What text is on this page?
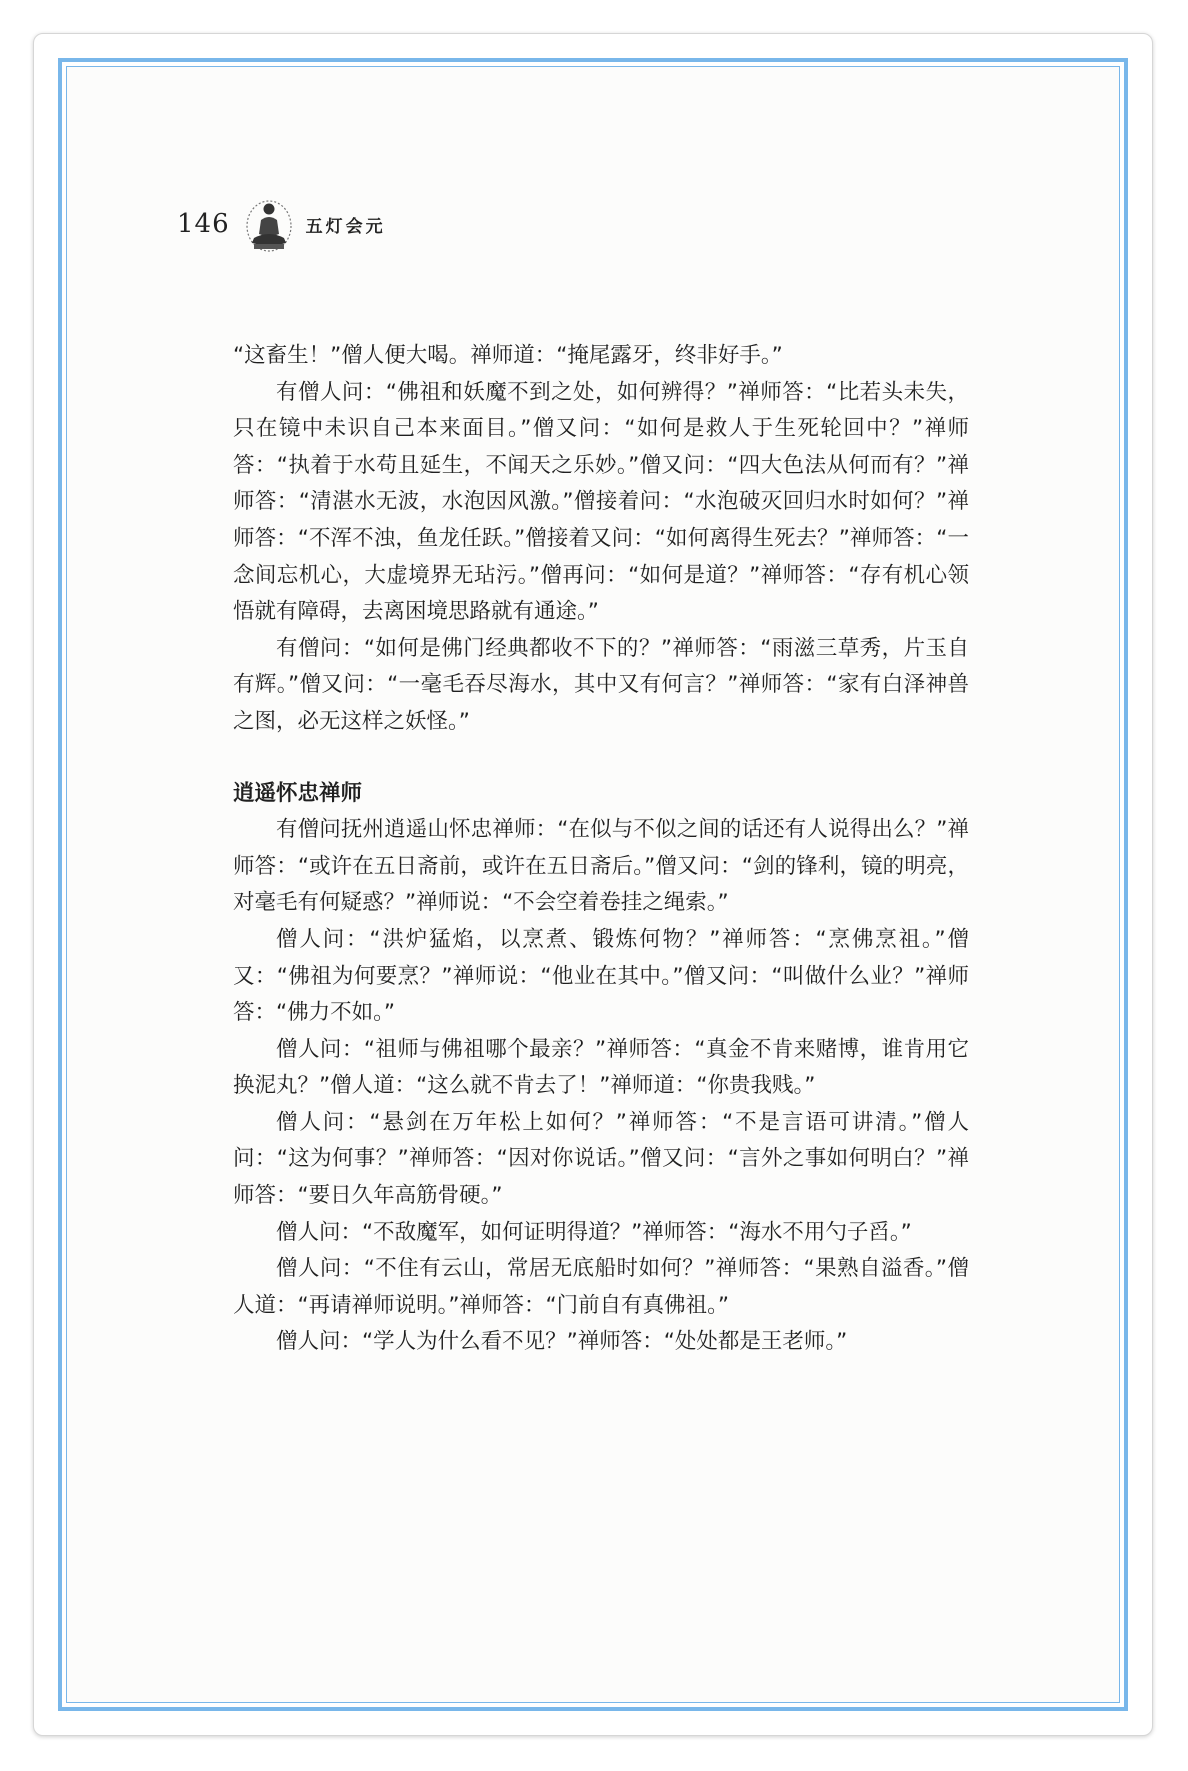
146	五灯会元

“这畜生！”僧人便大喝。禅师道：“掩尾露牙，终非好手。”

有僧人问：“佛祖和妖魔不到之处，如何辨得？”禅师答：“比若头未失，只在镜中未识自己本来面目。”僧又问：“如何是救人于生死轮回中？”禅师答：“执着于水苟且延生，不闻天之乐妙。”僧又问：“四大色法从何而有？”禅师答：“清湛水无波，水泡因风激。”僧接着问：“水泡破灭回归水时如何？”禅师答：“不浑不浊，鱼龙任跃。”僧接着又问：“如何离得生死去？”禅师答：“一念间忘机心，大虚境界无玷污。”僧再问：“如何是道？”禅师答：“存有机心领悟就有障碍，去离困境思路就有通途。”

有僧问：“如何是佛门经典都收不下的？”禅师答：“雨滋三草秀，片玉自有辉。”僧又问：“一毫毛吞尽海水，其中又有何言？”禅师答：“家有白泽神兽之图，必无这样之妖怪。”

逍遥怀忠禅师

有僧问抚州逍遥山怀忠禅师：“在似与不似之间的话还有人说得出么？”禅师答：“或许在五日斋前，或许在五日斋后。”僧又问：“剑的锋利，镜的明亮，对毫毛有何疑惑？”禅师说：“不会空着卷挂之绳索。”

僧人问：“洪炉猛焰，以烹煮、锻炼何物？”禅师答：“烹佛烹祖。”僧又：“佛祖为何要烹？”禅师说：“他业在其中。”僧又问：“叫做什么业？”禅师答：“佛力不如。”

僧人问：“祖师与佛祖哪个最亲？”禅师答：“真金不肯来赌博，谁肯用它换泥丸？”僧人道：“这么就不肯去了！”禅师道：“你贵我贱。”

僧人问：“悬剑在万年松上如何？”禅师答：“不是言语可讲清。”僧人问：“这为何事？”禅师答：“因对你说话。”僧又问：“言外之事如何明白？”禅师答：“要日久年高筋骨硬。”

僧人问：“不敌魔军，如何证明得道？”禅师答：“海水不用勺子舀。”

僧人问：“不住有云山，常居无底船时如何？”禅师答：“果熟自溢香。”僧人道：“再请禅师说明。”禅师答：“门前自有真佛祖。”

僧人问：“学人为什么看不见？”禅师答：“处处都是王老师。”
